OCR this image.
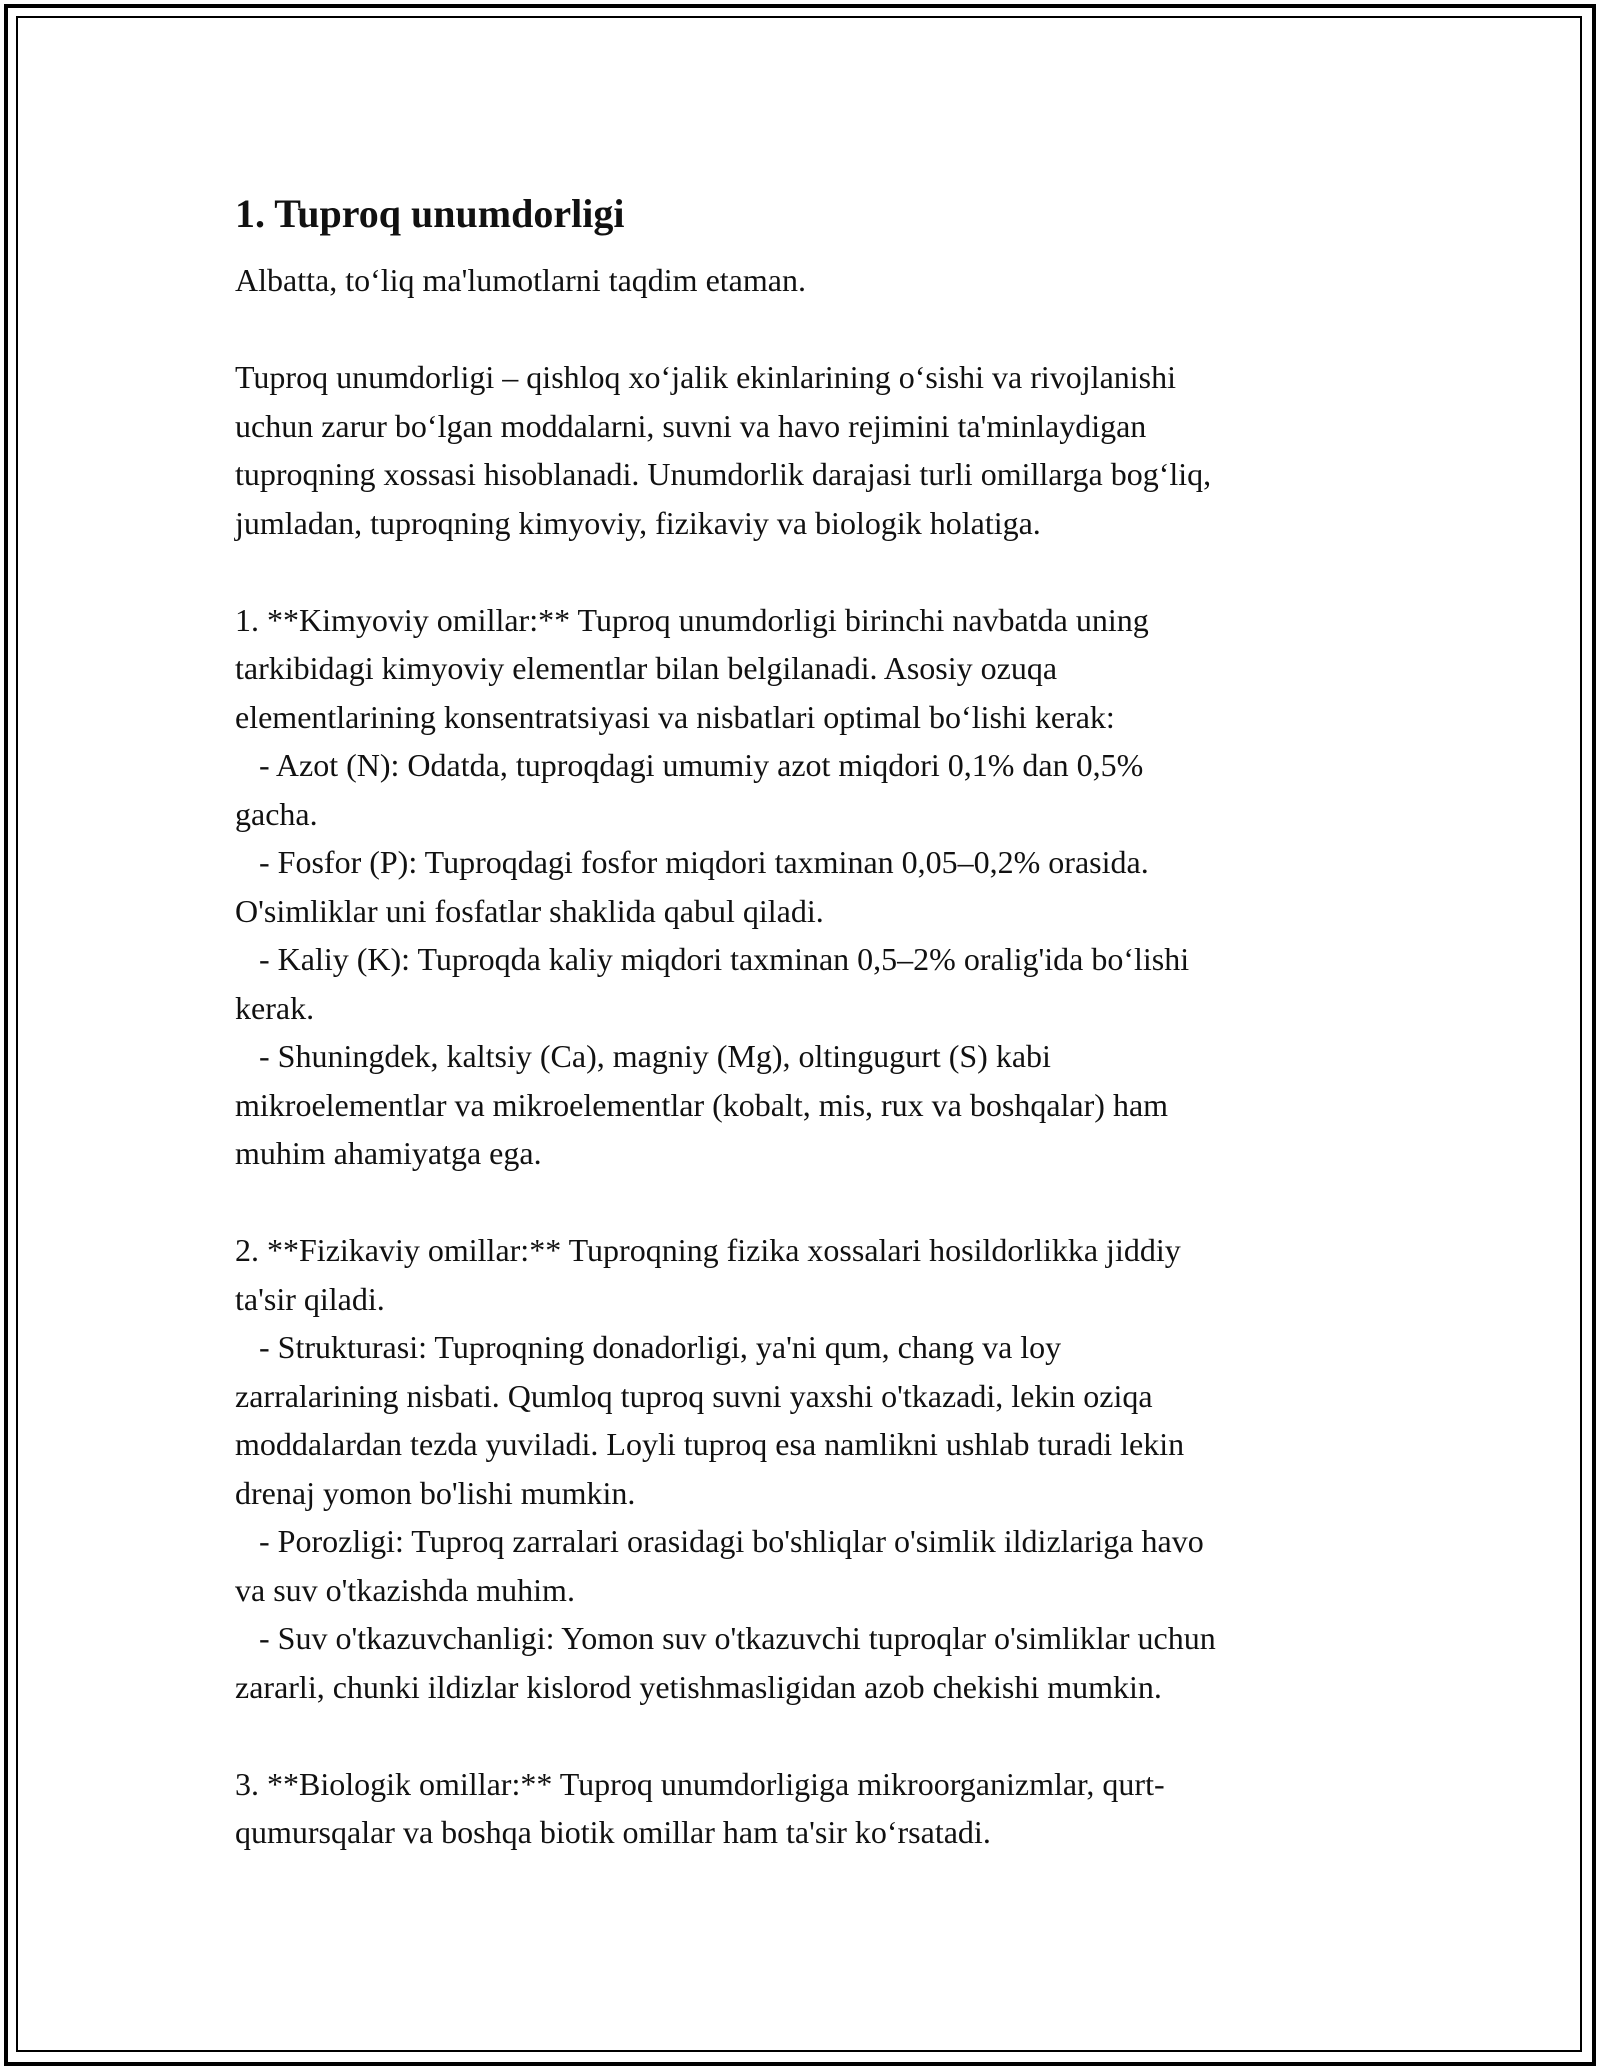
1. Tuproq unumdorligi
Albatta, to‘liq ma'lumotlarni taqdim etaman.
Tuproq unumdorligi – qishloq xo‘jalik ekinlarining o‘sishi va rivojlanishi
uchun zarur bo‘lgan moddalarni, suvni va havo rejimini ta'minlaydigan
tuproqning xossasi hisoblanadi. Unumdorlik darajasi turli omillarga bog‘liq,
jumladan, tuproqning kimyoviy, fizikaviy va biologik holatiga.
1. **Kimyoviy omillar:** Tuproq unumdorligi birinchi navbatda uning
tarkibidagi kimyoviy elementlar bilan belgilanadi. Asosiy ozuqa
elementlarining konsentratsiyasi va nisbatlari optimal bo‘lishi kerak:
- Azot (N): Odatda, tuproqdagi umumiy azot miqdori 0,1% dan 0,5%
gacha.
- Fosfor (P): Tuproqdagi fosfor miqdori taxminan 0,05–0,2% orasida.
O'simliklar uni fosfatlar shaklida qabul qiladi.
- Kaliy (K): Tuproqda kaliy miqdori taxminan 0,5–2% oralig'ida bo‘lishi
kerak.
- Shuningdek, kaltsiy (Ca), magniy (Mg), oltingugurt (S) kabi
mikroelementlar va mikroelementlar (kobalt, mis, rux va boshqalar) ham
muhim ahamiyatga ega.
2. **Fizikaviy omillar:** Tuproqning fizika xossalari hosildorlikka jiddiy
ta'sir qiladi.
- Strukturasi: Tuproqning donadorligi, ya'ni qum, chang va loy
zarralarining nisbati. Qumloq tuproq suvni yaxshi o'tkazadi, lekin oziqa
moddalardan tezda yuviladi. Loyli tuproq esa namlikni ushlab turadi lekin
drenaj yomon bo'lishi mumkin.
- Porozligi: Tuproq zarralari orasidagi bo'shliqlar o'simlik ildizlariga havo
va suv o'tkazishda muhim.
- Suv o'tkazuvchanligi: Yomon suv o'tkazuvchi tuproqlar o'simliklar uchun
zararli, chunki ildizlar kislorod yetishmasligidan azob chekishi mumkin.
3. **Biologik omillar:** Tuproq unumdorligiga mikroorganizmlar, qurt-
qumursqalar va boshqa biotik omillar ham ta'sir ko‘rsatadi.
